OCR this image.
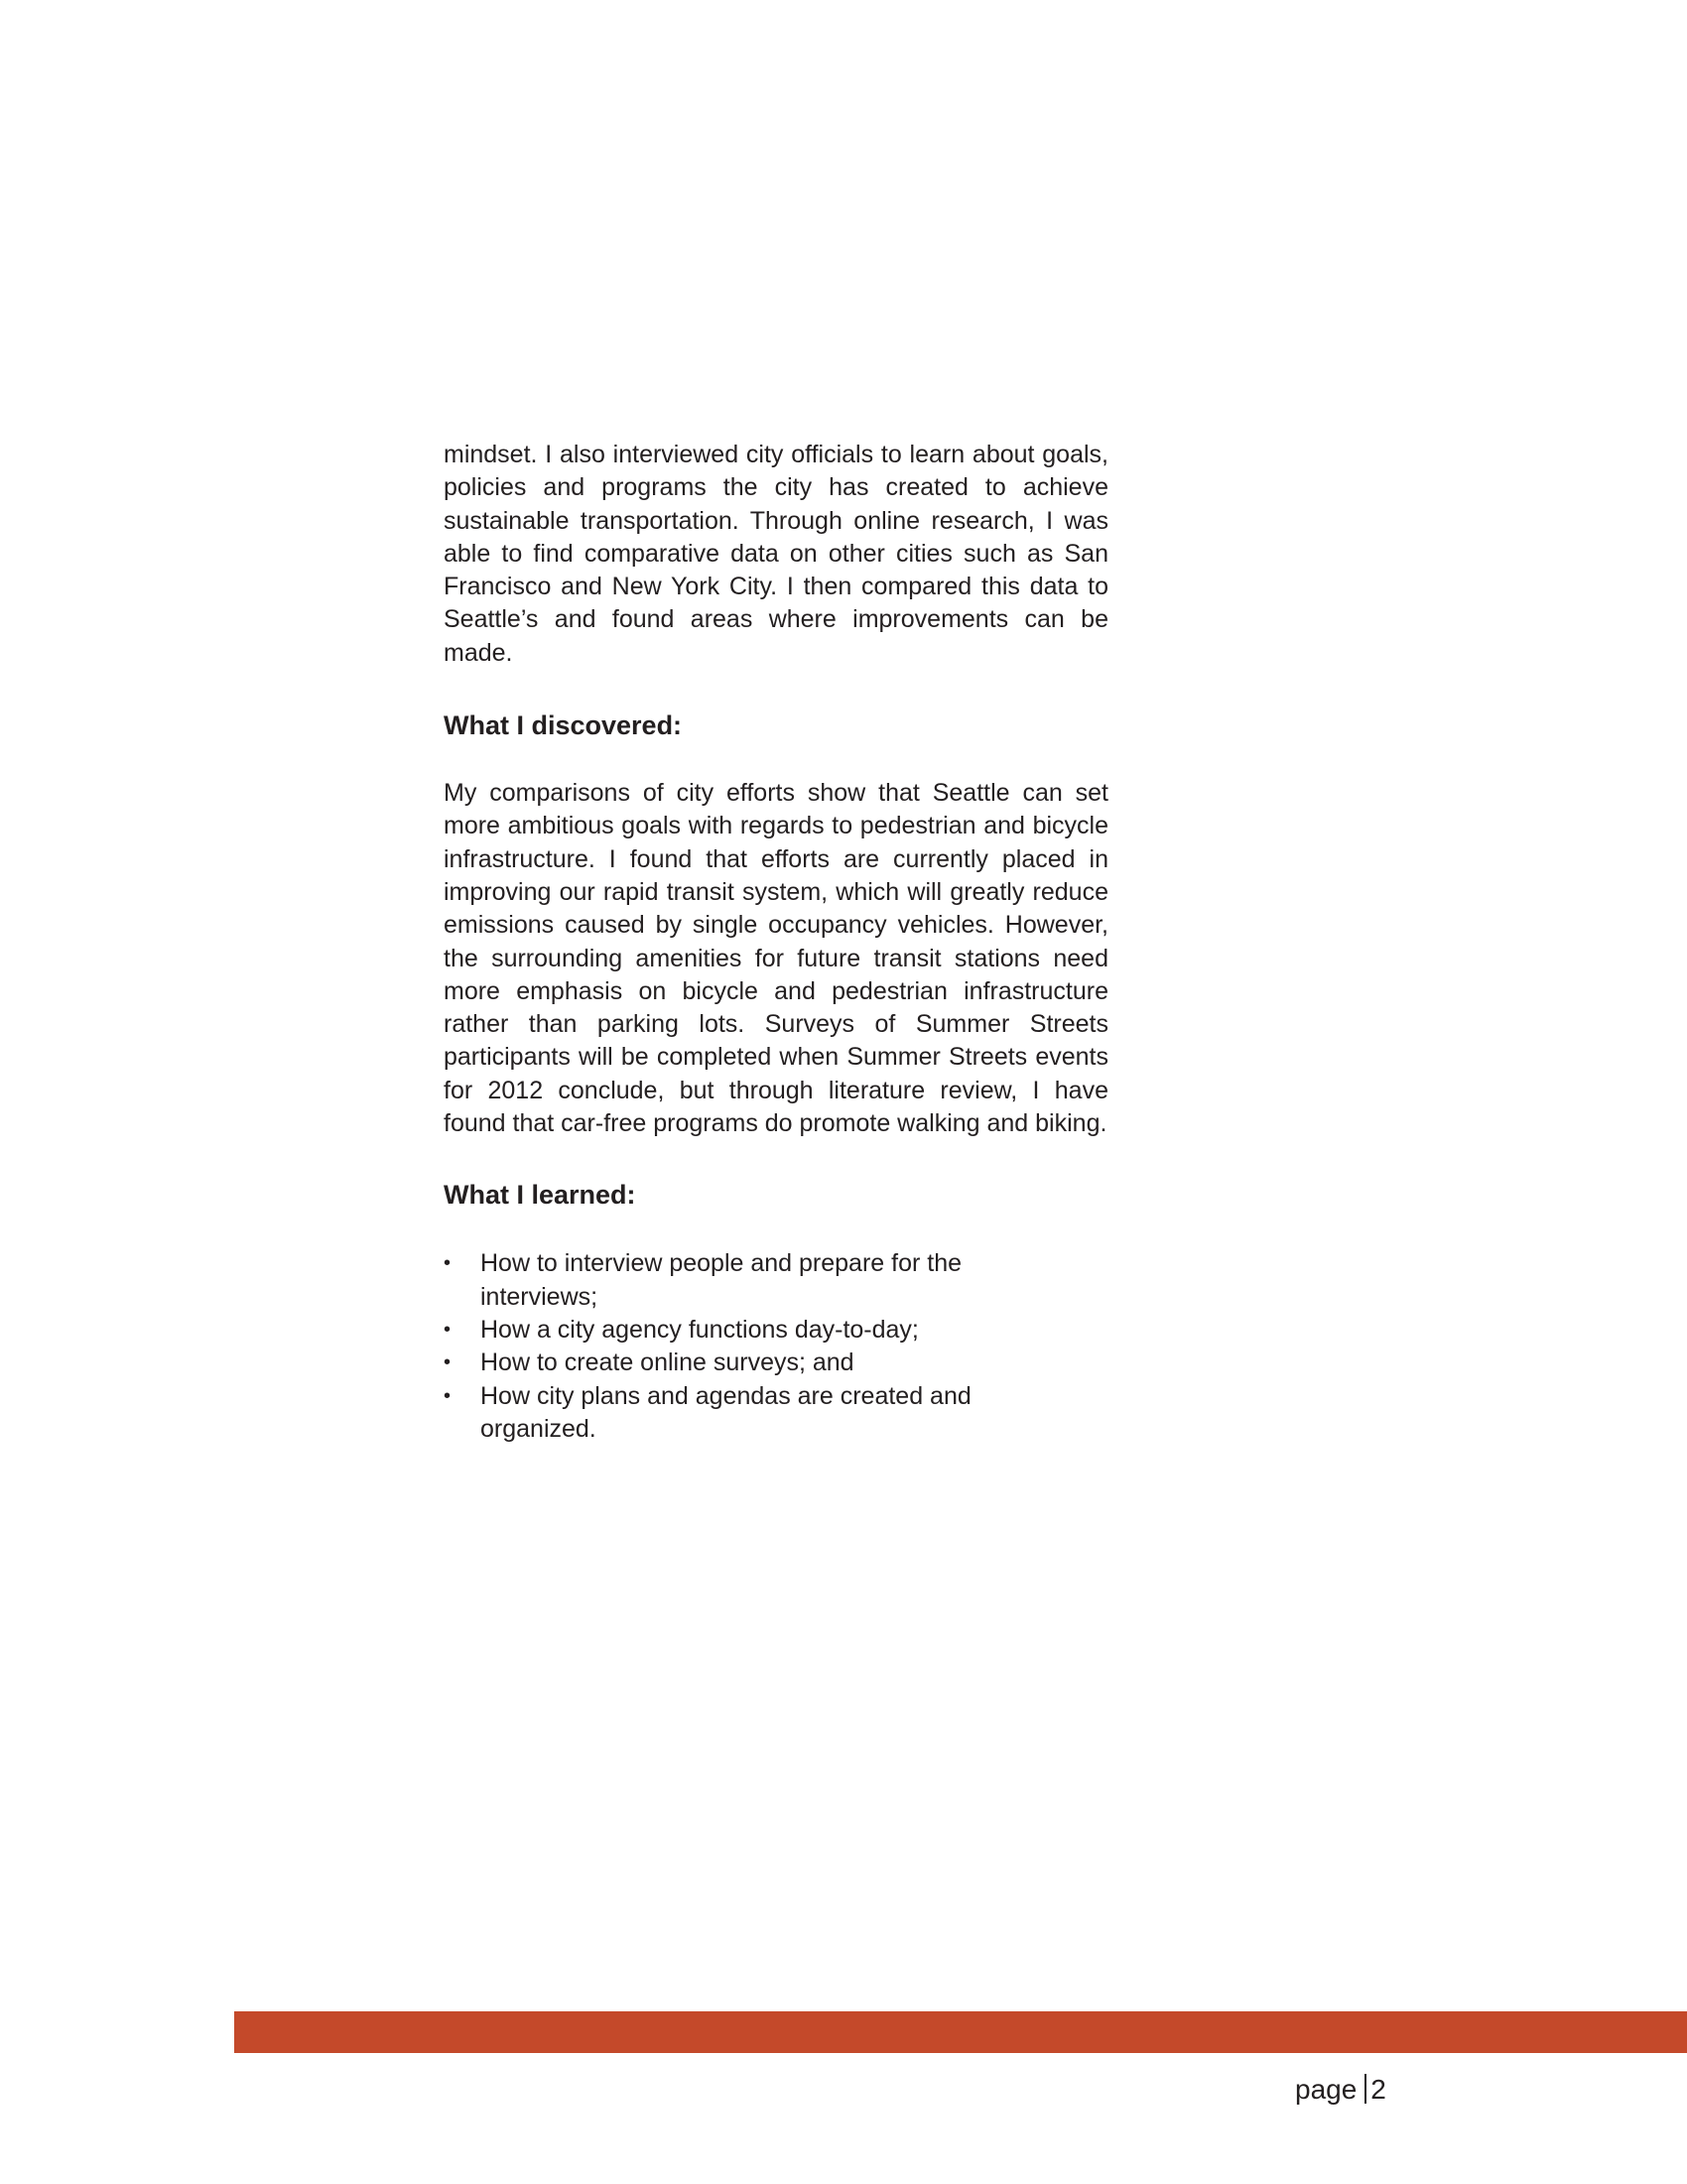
mindset. I also interviewed city officials to learn about goals, policies and programs the city has created to achieve sustainable transportation. Through online research, I was able to find comparative data on other cities such as San Francisco and New York City. I then compared this data to Seattle’s and found areas where improvements can be made.

What I discovered:

My comparisons of city efforts show that Seattle can set more ambitious goals with regards to pedestrian and bicycle infrastructure. I found that efforts are currently placed in improving our rapid transit system, which will greatly reduce emissions caused by single occupancy vehicles. However, the surrounding amenities for future transit stations need more emphasis on bicycle and pedestrian infrastructure rather than parking lots. Surveys of Summer Streets participants will be completed when Summer Streets events for 2012 conclude, but through literature review, I have found that car-free programs do promote walking and biking.

What I learned:
• How to interview people and prepare for the interviews;
• How a city agency functions day-to-day;
• How to create online surveys; and
• How city plans and agendas are created and organized.
page 2
